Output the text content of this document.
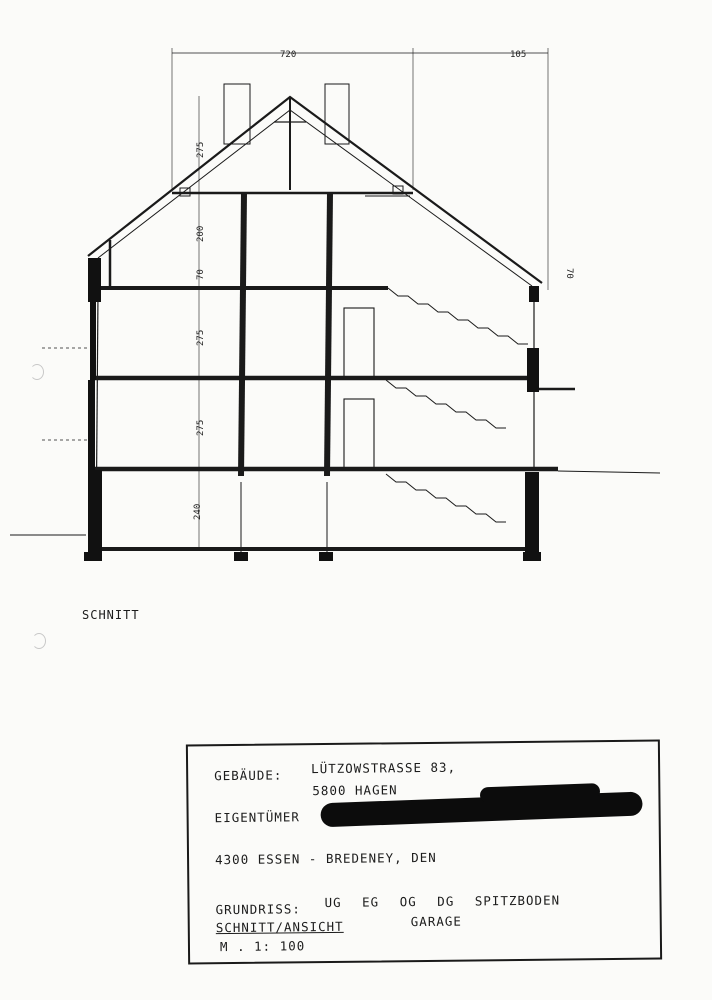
720	105
275
200
70
275
275
240
70
SCHNITT
GEBÄUDE: LÜTZOWSTRASSE 83,
5800 HAGEN
EIGENTÜMER
4300 ESSEN - BREDENEY, DEN
GRUNDRISS: UG EG OG DG SPITZBODEN
SCHNITT/ANSICHT	GARAGE
M . 1: 100
